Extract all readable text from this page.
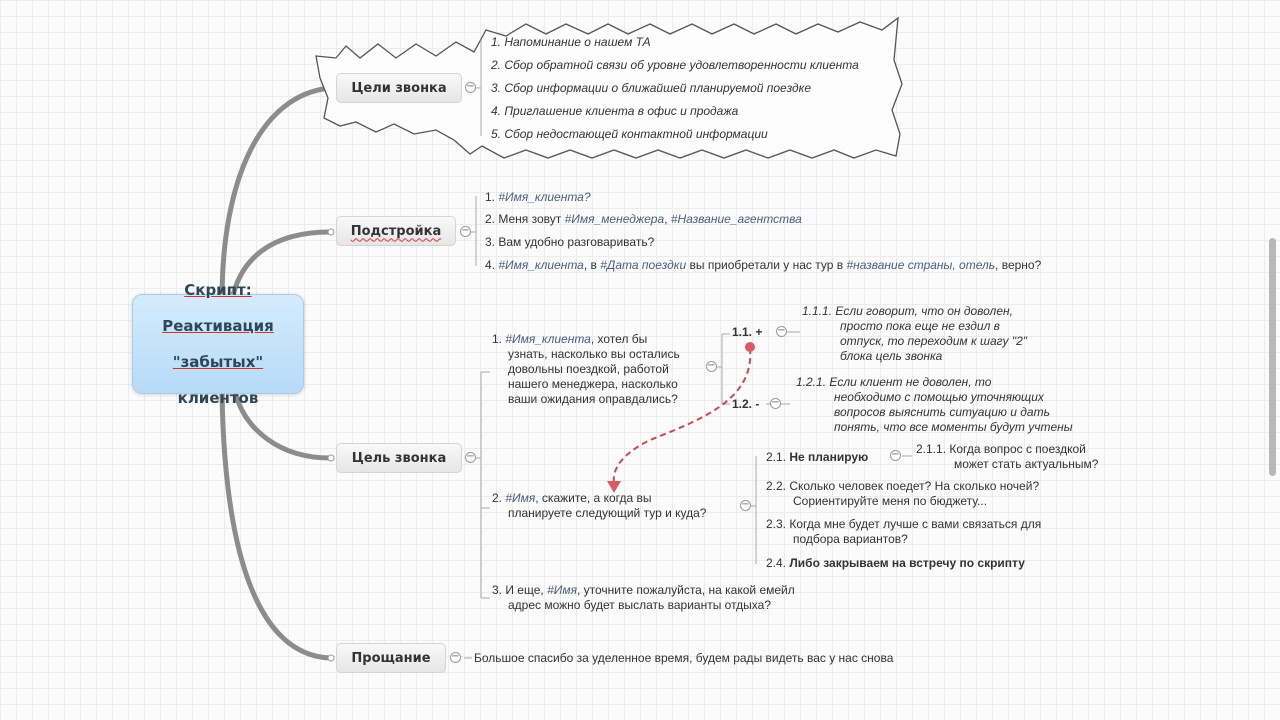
Скрипт:

Реактивация

"забытых"

клиентов

Цели звонка
Подстройка
Цель звонка
Прощание
−
−
−
−
−
−
−
−
−
1. Напоминание о нашем ТА
2. Сбор обратной связи об уровне удовлетворенности клиента
3. Сбор информации о ближайшей планируемой поездке
4. Приглашение клиента в офис и продажа
5. Сбор недостающей контактной информации
1. #Имя_клиента?
2. Меня зовут #Имя_менеджера, #Название_агентства
3. Вам удобно разговаривать?
4. #Имя_клиента, в #Дата поездки вы приобретали у нас тур в #название страны, отель, верно?
1. #Имя_клиента, хотел бы
узнать, насколько вы остались
довольны поездкой, работой
нашего менеджера, насколько
ваши ожидания оправдались?
1.1. +
1.2. -
1.1.1. Если говорит, что он доволен,
просто пока еще не ездил в
отпуск, то переходим к шагу "2"
блока цель звонка
1.2.1. Если клиент не доволен, то
необходимо с помощью уточняющих
вопросов выяснить ситуацию и дать
понять, что все моменты будут учтены
2. #Имя, скажите, а когда вы
планируете следующий тур и куда?
2.1. Не планирую
2.1.1. Когда вопрос с поездкой
может стать актуальным?
2.2. Сколько человек поедет? На сколько ночей?
Сориентируйте меня по бюджету...
2.3. Когда мне будет лучше с вами связаться для
подбора вариантов?
2.4. Либо закрываем на встречу по скрипту
3. И еще, #Имя, уточните пожалуйста, на какой емейл
адрес можно будет выслать варианты отдыха?
Большое спасибо за уделенное время, будем рады видеть вас у нас снова
